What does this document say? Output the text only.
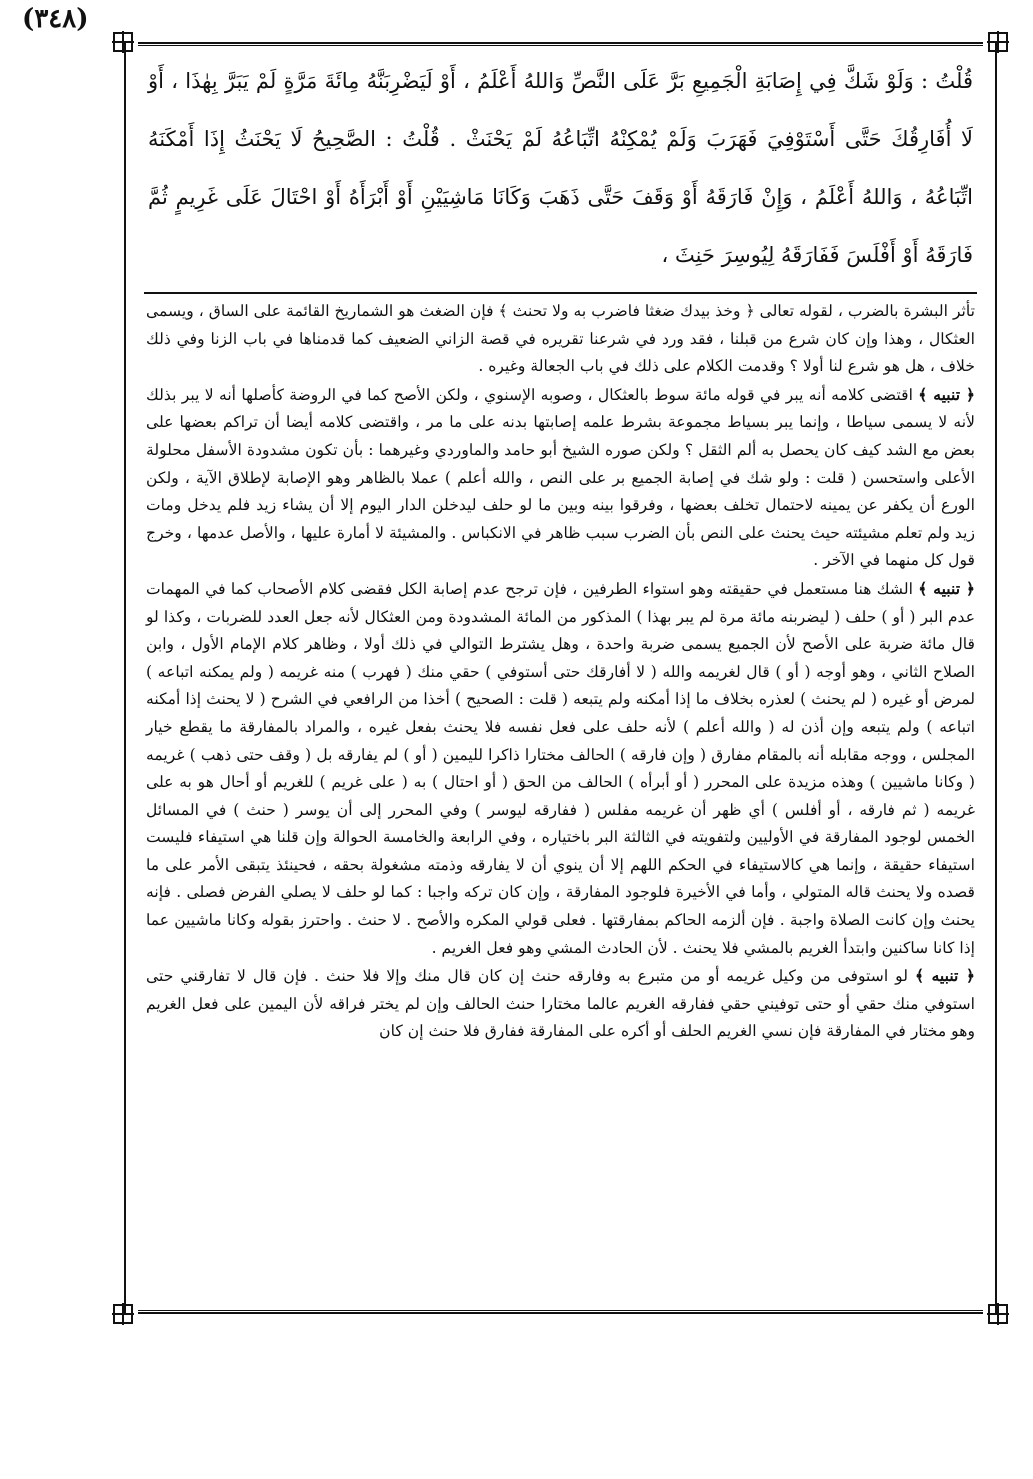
(٣٤٨)

قُلْتُ : وَلَوْ شَكَّ فِي إِصَابَةِ الْجَمِيعِ بَرَّ عَلَى النَّصِّ وَاللهُ أَعْلَمُ ، أَوْ لَيَضْرِبَنَّهُ مِائَةَ مَرَّةٍ لَمْ يَبَرَّ بِهٰذَا ، أَوْ لَا أُفَارِقُكَ حَتَّى أَسْتَوْفِيَ فَهَرَبَ وَلَمْ يُمْكِنْهُ اتِّبَاعُهُ لَمْ يَحْنَثْ . قُلْتُ : الصَّحِيحُ لَا يَحْنَثُ إِذَا أَمْكَنَهُ اتِّبَاعُهُ ، وَاللهُ أَعْلَمُ ، وَإِنْ فَارَقَهُ أَوْ وَقَفَ حَتَّى ذَهَبَ وَكَانَا مَاشِيَيْنِ أَوْ أَبْرَأَهُ أَوْ احْتَالَ عَلَى غَرِيمٍ ثُمَّ فَارَقَهُ أَوْ أَفْلَسَ فَفَارَقَهُ لِيُوسِرَ حَنِثَ ،

تأثر البشرة بالضرب ، لقوله تعالى ﴿ وخذ بيدك ضغثا فاضرب به ولا تحنث ﴾ فإن الضغث هو الشماريخ القائمة على الساق ، ويسمى العثكال ، وهذا وإن كان شرع من قبلنا ، فقد ورد في شرعنا تقريره في قصة الزاني الضعيف كما قدمناها في باب الزنا وفي ذلك خلاف ، هل هو شرع لنا أولا ؟ وقدمت الكلام على ذلك في باب الجعالة وغيره .

﴿ تنبيه ﴾ اقتضى كلامه أنه يبر في قوله مائة سوط بالعثكال ، وصوبه الإسنوي ، ولكن الأصح كما في الروضة كأصلها أنه لا يبر بذلك لأنه لا يسمى سياطا ، وإنما يبر بسياط مجموعة بشرط علمه إصابتها بدنه على ما مر ، واقتضى كلامه أيضا أن تراكم بعضها على بعض مع الشد كيف كان يحصل به ألم الثقل ؟ ولكن صوره الشيخ أبو حامد والماوردي وغيرهما : بأن تكون مشدودة الأسفل محلولة الأعلى واستحسن ( قلت : ولو شك في إصابة الجميع بر على النص ، والله أعلم ) عملا بالظاهر وهو الإصابة لإطلاق الآية ، ولكن الورع أن يكفر عن يمينه لاحتمال تخلف بعضها ، وفرقوا بينه وبين ما لو حلف ليدخلن الدار اليوم إلا أن يشاء زيد فلم يدخل ومات زيد ولم تعلم مشيئته حيث يحنث على النص بأن الضرب سبب ظاهر في الانكباس . والمشيئة لا أمارة عليها ، والأصل عدمها ، وخرج قول كل منهما في الآخر .

﴿ تنبيه ﴾ الشك هنا مستعمل في حقيقته وهو استواء الطرفين ، فإن ترجح عدم إصابة الكل فقضى كلام الأصحاب كما في المهمات عدم البر ( أو ) حلف ( ليضربنه مائة مرة لم يبر بهذا ) المذكور من المائة المشدودة ومن العثكال لأنه جعل العدد للضربات ، وكذا لو قال مائة ضربة على الأصح لأن الجميع يسمى ضربة واحدة ، وهل يشترط التوالي في ذلك أولا ، وظاهر كلام الإمام الأول ، وابن الصلاح الثاني ، وهو أوجه ( أو ) قال لغريمه والله ( لا أفارقك حتى أستوفي ) حقي منك ( فهرب ) منه غريمه ( ولم يمكنه اتباعه ) لمرض أو غيره ( لم يحنث ) لعذره بخلاف ما إذا أمكنه ولم يتبعه ( قلت : الصحيح ) أخذا من الرافعي في الشرح ( لا يحنث إذا أمكنه اتباعه ) ولم يتبعه وإن أذن له ( والله أعلم ) لأنه حلف على فعل نفسه فلا يحنث بفعل غيره ، والمراد بالمفارقة ما يقطع خيار المجلس ، ووجه مقابله أنه بالمقام مفارق ( وإن فارقه ) الحالف مختارا ذاكرا لليمين ( أو ) لم يفارقه بل ( وقف حتى ذهب ) غريمه ( وكانا ماشيين ) وهذه مزيدة على المحرر ( أو أبرأه ) الحالف من الحق ( أو احتال ) به ( على غريم ) للغريم أو أحال هو به على غريمه ( ثم فارقه ، أو أفلس ) أي ظهر أن غريمه مفلس ( ففارقه ليوسر ) وفي المحرر إلى أن يوسر ( حنث ) في المسائل الخمس لوجود المفارقة في الأوليين ولتفويته في الثالثة البر باختياره ، وفي الرابعة والخامسة الحوالة وإن قلنا هي استيفاء فليست استيفاء حقيقة ، وإنما هي كالاستيفاء في الحكم اللهم إلا أن ينوي أن لا يفارقه وذمته مشغولة بحقه ، فحينئذ يتبقى الأمر على ما قصده ولا يحنث قاله المتولي ، وأما في الأخيرة فلوجود المفارقة ، وإن كان تركه واجبا : كما لو حلف لا يصلي الفرض فصلى . فإنه يحنث وإن كانت الصلاة واجبة . فإن ألزمه الحاكم بمفارقتها . فعلى قولي المكره والأصح . لا حنث . واحترز بقوله وكانا ماشيين عما إذا كانا ساكنين وابتدأ الغريم بالمشي فلا يحنث . لأن الحادث المشي وهو فعل الغريم .

﴿ تنبيه ﴾ لو استوفى من وكيل غريمه أو من متبرع به وفارقه حنث إن كان قال منك وإلا فلا حنث . فإن قال لا تفارقني حتى استوفي منك حقي أو حتى توفيني حقي ففارقه الغريم عالما مختارا حنث الحالف وإن لم يختر فراقه لأن اليمين على فعل الغريم وهو مختار في المفارقة فإن نسي الغريم الحلف أو أكره على المفارقة ففارق فلا حنث إن كان
